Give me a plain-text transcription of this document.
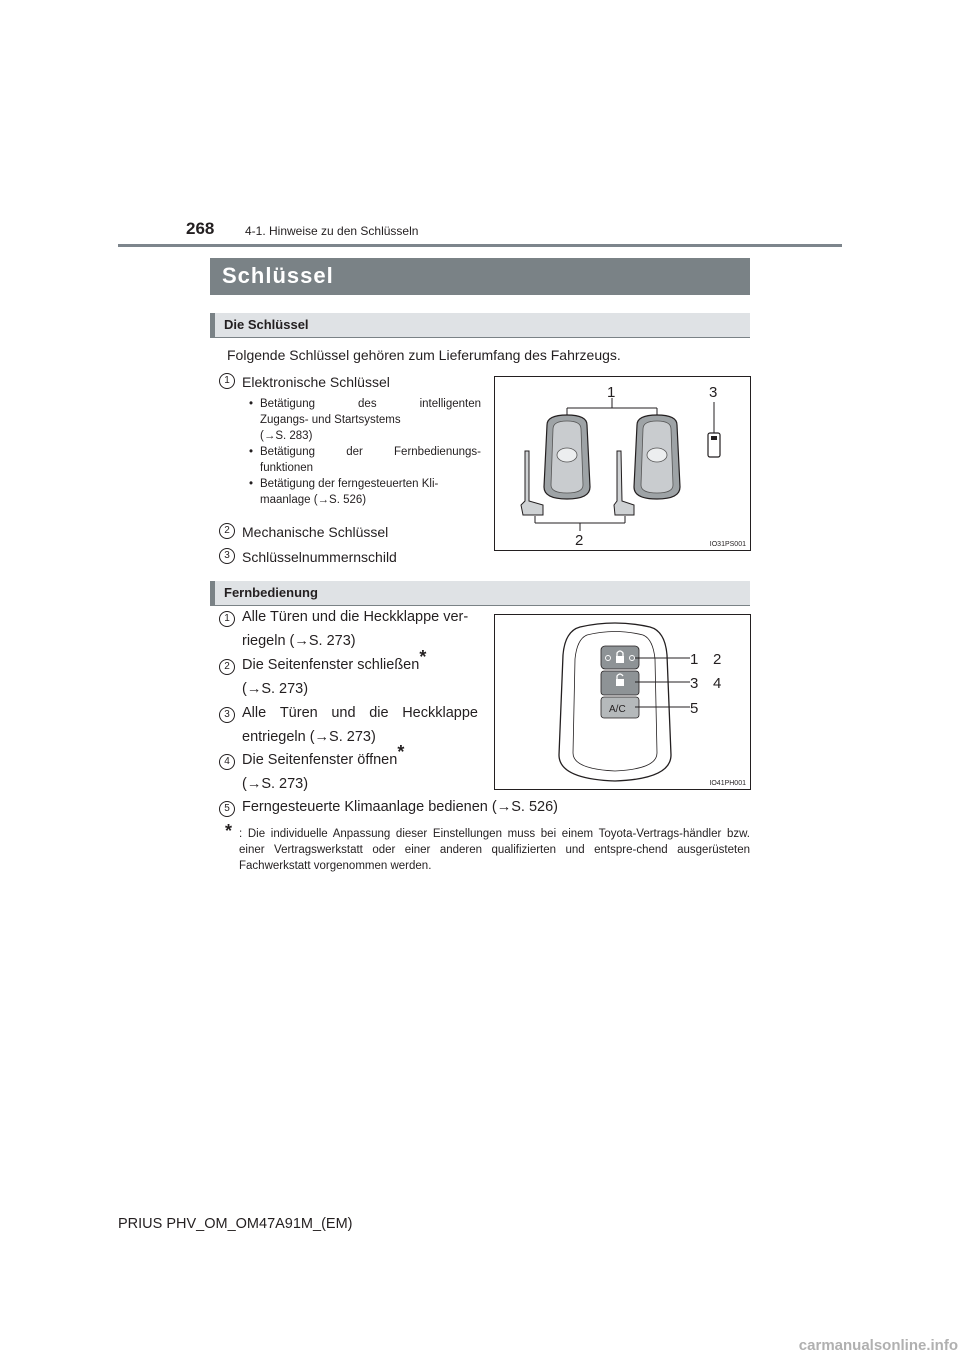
268	4-1. Hinweise zu den Schlüsseln
Schlüssel
Die Schlüssel
Folgende Schlüssel gehören zum Lieferumfang des Fahrzeugs.
1 Elektronische Schlüssel
• Betätigung	des	intelligenten
Zugangs- und Startsystems
(→S. 283)
• Betätigung	der	Fernbedienungs-
funktionen
• Betätigung der ferngesteuerten Kli-
maanlage (→S. 526)
2 Mechanische Schlüssel
3 Schlüsselnummernschild
1
2
3
IO31PS001
Fernbedienung
1 Alle Türen und die Heckklappe ver-
riegeln (→S. 273)
2 Die Seitenfenster schließen*
(→S. 273)
3 Alle Türen und die Heckklappe
entriegeln (→S. 273)
4 Die Seitenfenster öffnen*
(→S. 273)
5 Ferngesteuerte Klimaanlage bedienen (→S. 526)
A/C
1 2
3 4
5
IO41PH001
* : Die individuelle Anpassung dieser Einstellungen muss bei einem Toyota-Vertrags-händler bzw. einer Vertragswerkstatt oder einer anderen qualifizierten und entspre-chend ausgerüsteten Fachwerkstatt vorgenommen werden.
PRIUS PHV_OM_OM47A91M_(EM)
carmanualsonline.info
